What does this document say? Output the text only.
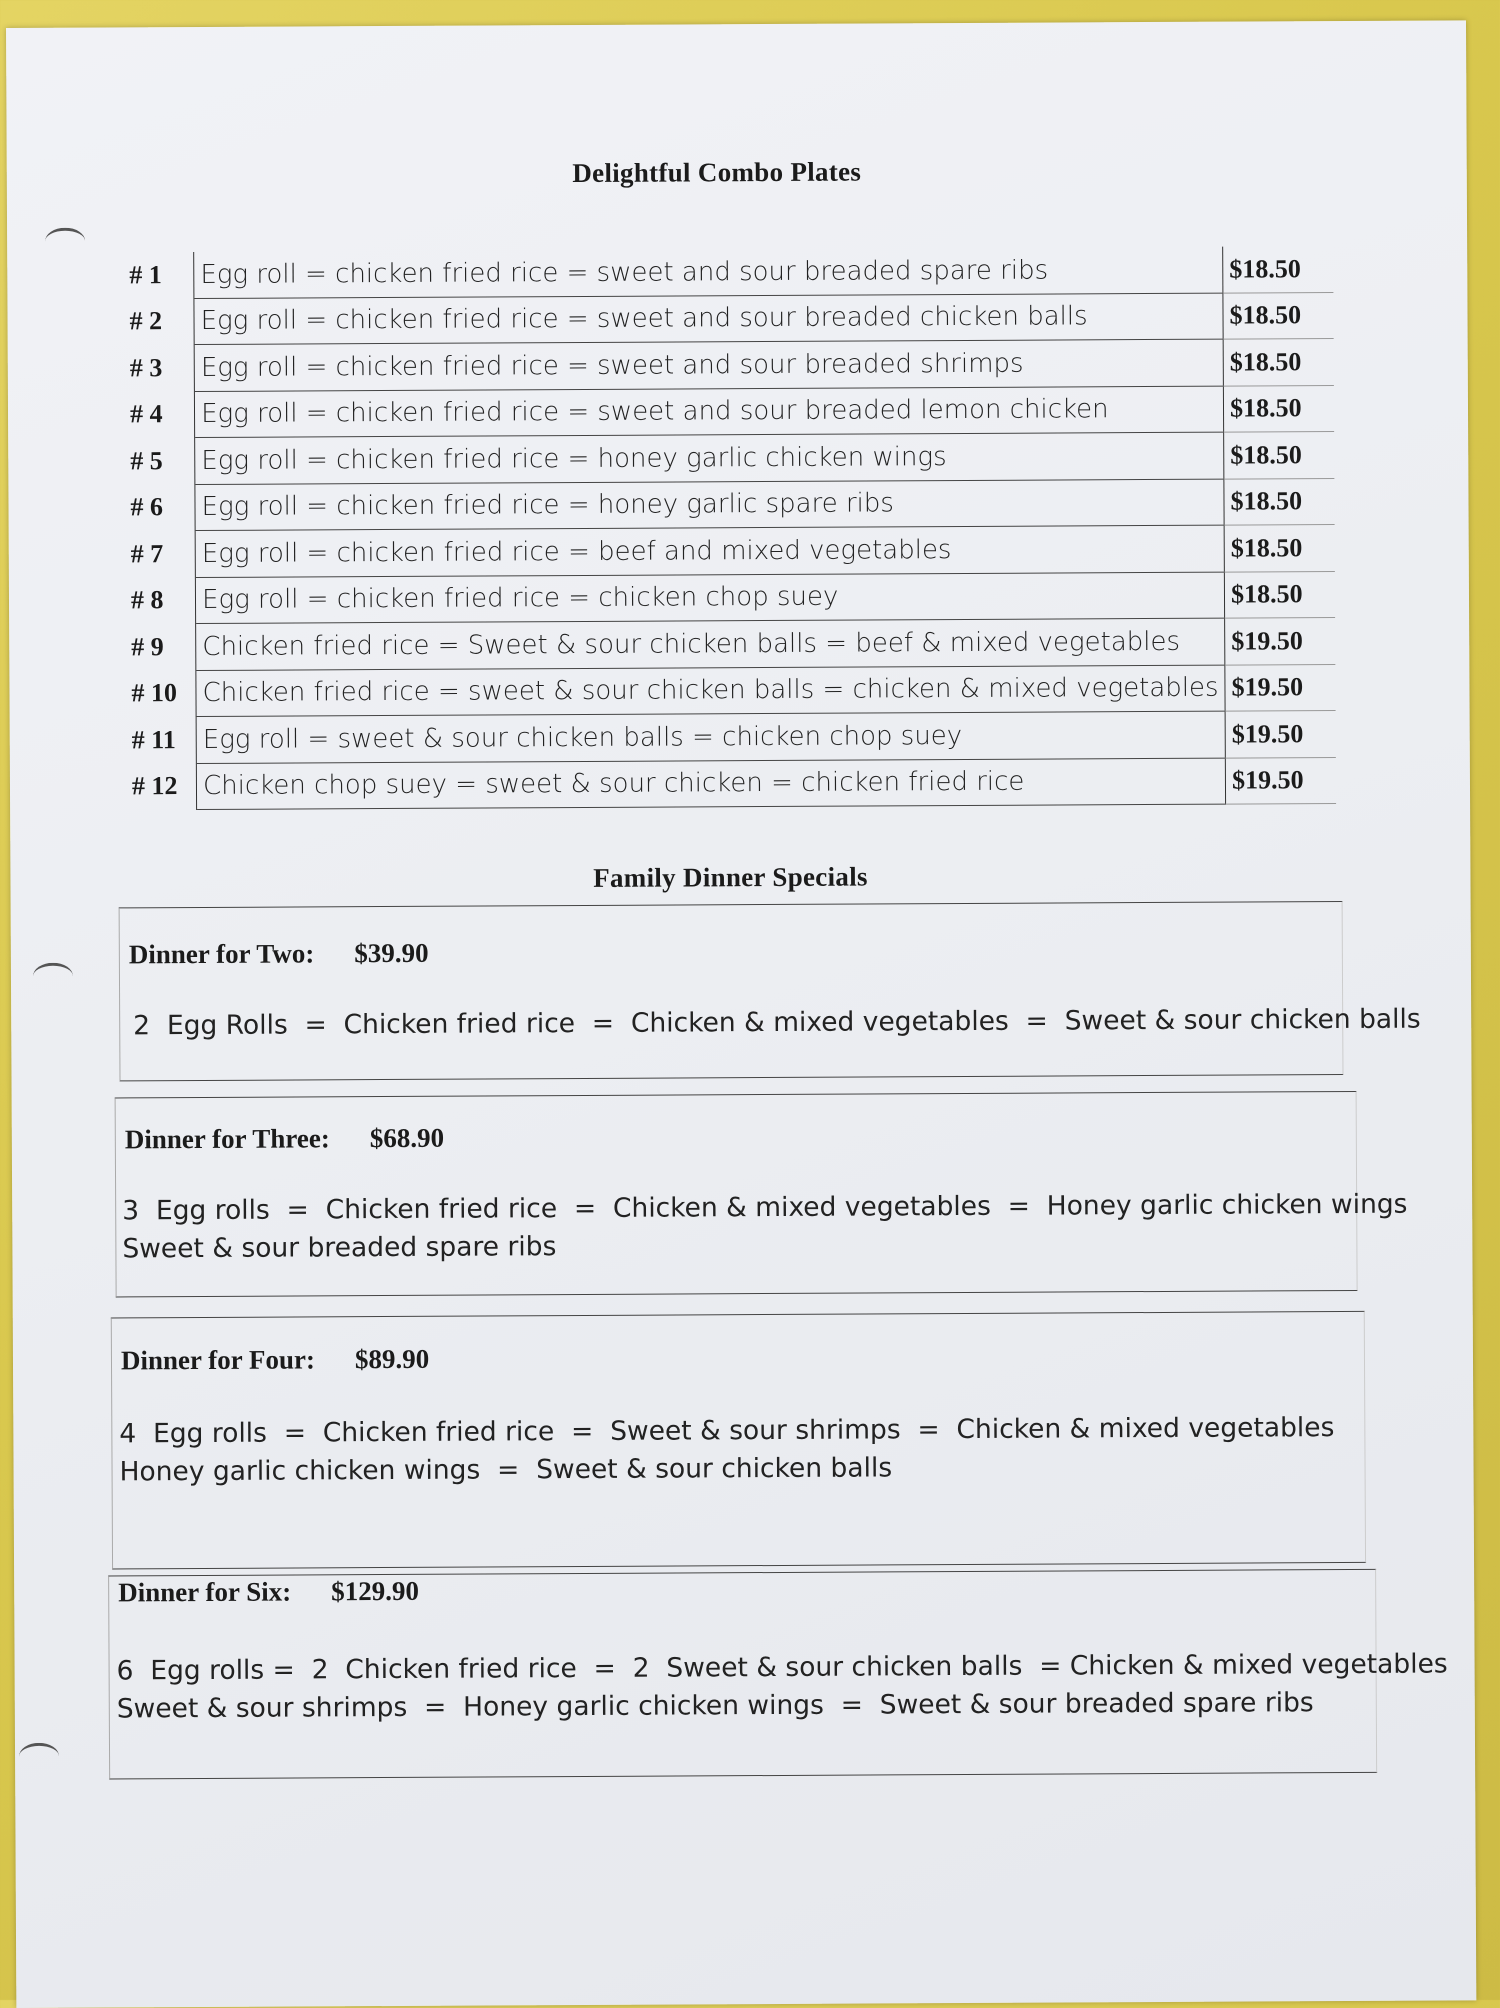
Delightful Combo Plates
# 1	Egg roll = chicken fried rice = sweet and sour breaded spare ribs	$18.50
# 2	Egg roll = chicken fried rice = sweet and sour breaded chicken balls	$18.50
# 3	Egg roll = chicken fried rice = sweet and sour breaded shrimps	$18.50
# 4	Egg roll = chicken fried rice = sweet and sour breaded lemon chicken	$18.50
# 5	Egg roll = chicken fried rice = honey garlic chicken wings	$18.50
# 6	Egg roll = chicken fried rice = honey garlic spare ribs	$18.50
# 7	Egg roll = chicken fried rice = beef and mixed vegetables	$18.50
# 8	Egg roll = chicken fried rice = chicken chop suey	$18.50
# 9	Chicken fried rice = Sweet & sour chicken balls = beef & mixed vegetables	$19.50
# 10	Chicken fried rice = sweet & sour chicken balls = chicken & mixed vegetables	$19.50
# 11	Egg roll = sweet & sour chicken balls = chicken chop suey	$19.50
# 12	Chicken chop suey = sweet & sour chicken = chicken fried rice	$19.50
Family Dinner Specials
Dinner for Two: $39.90
2  Egg Rolls  =  Chicken fried rice  =  Chicken & mixed vegetables  =  Sweet & sour chicken balls
Dinner for Three: $68.90
3  Egg rolls  =  Chicken fried rice  =  Chicken & mixed vegetables  =  Honey garlic chicken wings
Sweet & sour breaded spare ribs
Dinner for Four: $89.90
4  Egg rolls  =  Chicken fried rice  =  Sweet & sour shrimps  =  Chicken & mixed vegetables
Honey garlic chicken wings  =  Sweet & sour chicken balls
Dinner for Six: $129.90
6  Egg rolls =  2  Chicken fried rice  =  2  Sweet & sour chicken balls  = Chicken & mixed vegetables
Sweet & sour shrimps  =  Honey garlic chicken wings  =  Sweet & sour breaded spare ribs
